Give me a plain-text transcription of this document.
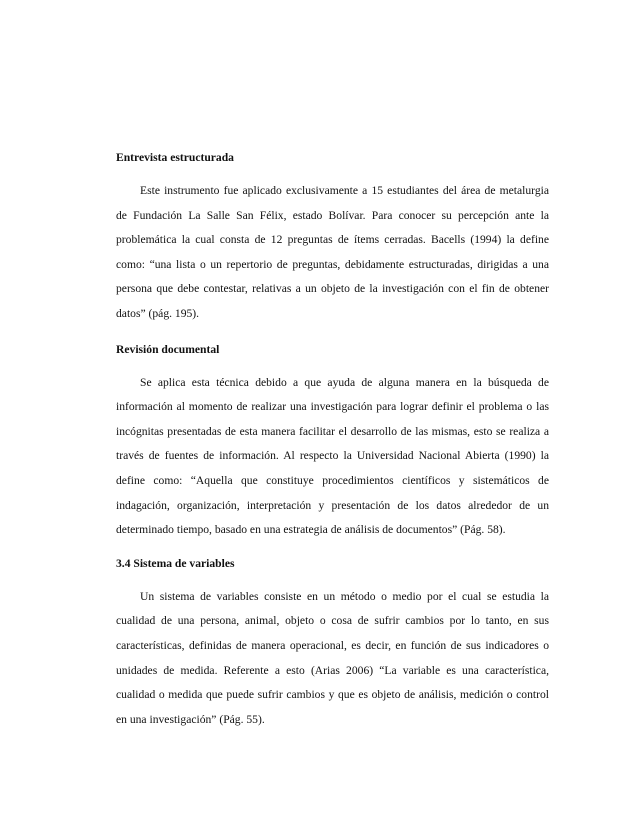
Entrevista estructurada

Este instrumento fue aplicado exclusivamente a 15 estudiantes del área de metalurgia de Fundación La Salle San Félix, estado Bolívar. Para conocer su percepción ante la problemática la cual consta de 12 preguntas de ítems cerradas. Bacells (1994) la define como: “una lista o un repertorio de preguntas, debidamente estructuradas, dirigidas a una persona que debe contestar, relativas a un objeto de la investigación con el fin de obtener datos” (pág. 195).

Revisión documental

Se aplica esta técnica debido a que ayuda de alguna manera en la búsqueda de información al momento de realizar una investigación para lograr definir el problema o las incógnitas presentadas de esta manera facilitar el desarrollo de las mismas, esto se realiza a través de fuentes de información. Al respecto la Universidad Nacional Abierta (1990) la define como: “Aquella que constituye procedimientos científicos y sistemáticos de indagación, organización, interpretación y presentación de los datos alrededor de un determinado tiempo, basado en una estrategia de análisis de documentos” (Pág. 58).

3.4 Sistema de variables

Un sistema de variables consiste en un método o medio por el cual se estudia la cualidad de una persona, animal, objeto o cosa de sufrir cambios por lo tanto, en sus características, definidas de manera operacional, es decir, en función de sus indicadores o unidades de medida. Referente a esto (Arias 2006) “La variable es una característica, cualidad o medida que puede sufrir cambios y que es objeto de análisis, medición o control en una investigación” (Pág. 55).
